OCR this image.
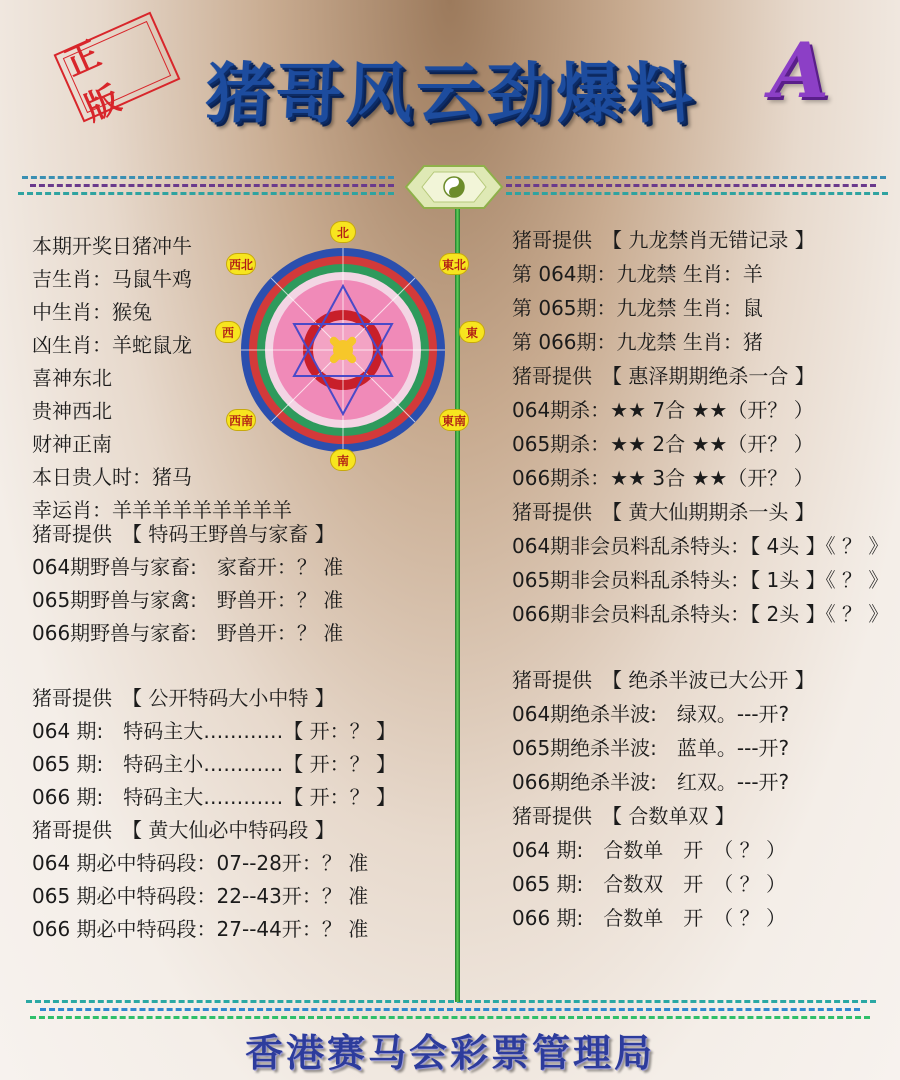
正 版	猪哥风云劲爆料 A
北
東北
東
東南
南
西南
西
西北
本期开奖日猪冲牛
吉生肖：马鼠牛鸡
中生肖：猴兔
凶生肖：羊蛇鼠龙
喜神东北
贵神西北
财神正南
本日贵人时：猪马
幸运肖：羊羊羊羊羊羊羊羊羊
猪哥提供　【 特码王野兽与家畜 】
064期野兽与家畜:　家畜开：？ 准
065期野兽与家禽:　野兽开：？ 准
066期野兽与家畜:　野兽开：？ 准
猪哥提供　【 公开特码大小中特 】
064 期:　特码主大…………【 开：？ 】
065 期:　特码主小…………【 开：？ 】
066 期:　特码主大…………【 开：？ 】
猪哥提供　【 黄大仙必中特码段 】
064 期必中特码段：07--28开：？ 准
065 期必中特码段：22--43开：？ 准
066 期必中特码段：27--44开：？ 准
猪哥提供　【 九龙禁肖无错记录 】
第 064期：九龙禁 生肖：羊
第 065期：九龙禁 生肖：鼠
第 066期：九龙禁 生肖：猪
猪哥提供　【 惠泽期期绝杀一合 】
064期杀：★★ 7合 ★★（开？ ）
065期杀：★★ 2合 ★★（开？ ）
066期杀：★★ 3合 ★★（开？ ）
猪哥提供　【 黄大仙期期杀一头 】
064期非会员料乱杀特头：【 4头 】《 ？ 》
065期非会员料乱杀特头：【 1头 】《 ？ 》
066期非会员料乱杀特头：【 2头 】《 ？ 》
猪哥提供　【 绝杀半波已大公开 】
064期绝杀半波:　绿双。---开?
065期绝杀半波:　蓝单。---开?
066期绝杀半波:　红双。---开?
猪哥提供　【 合数单双 】
064 期:　合数单　开　（ ？ ）
065 期:　合数双　开　（ ？ ）
066 期:　合数单　开　（ ？ ）
香港赛马会彩票管理局
